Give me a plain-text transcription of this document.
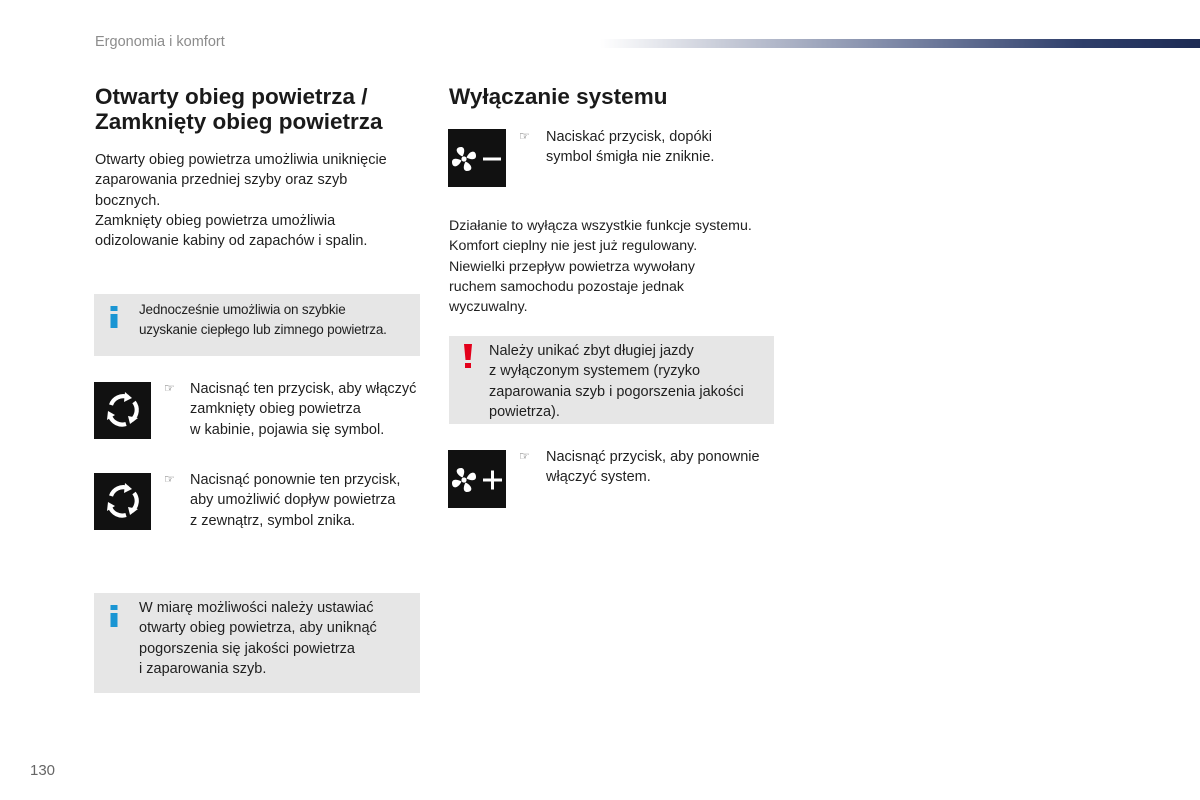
Ergonomia i komfort
Otwarty obieg powietrza /
Zamknięty obieg powietrza
Otwarty obieg powietrza umożliwia uniknięcie
zaparowania przedniej szyby oraz szyb
bocznych.
Zamknięty obieg powietrza umożliwia
odizolowanie kabiny od zapachów i spalin.
Jednocześnie umożliwia on szybkie
uzyskanie ciepłego lub zimnego powietrza.
☞ Nacisnąć ten przycisk, aby włączyć
zamknięty obieg powietrza
w kabinie, pojawia się symbol.
☞ Nacisnąć ponownie ten przycisk,
aby umożliwić dopływ powietrza
z zewnątrz, symbol znika.
W miarę możliwości należy ustawiać
otwarty obieg powietrza, aby uniknąć
pogorszenia się jakości powietrza
i zaparowania szyb.
Wyłączanie systemu
☞ Naciskać przycisk, dopóki
symbol śmigła nie zniknie.
Działanie to wyłącza wszystkie funkcje systemu.
Komfort cieplny nie jest już regulowany.
Niewielki przepływ powietrza wywołany
ruchem samochodu pozostaje jednak
wyczuwalny.
Należy unikać zbyt długiej jazdy
z wyłączonym systemem (ryzyko
zaparowania szyb i pogorszenia jakości
powietrza).
☞ Nacisnąć przycisk, aby ponownie
włączyć system.
130
